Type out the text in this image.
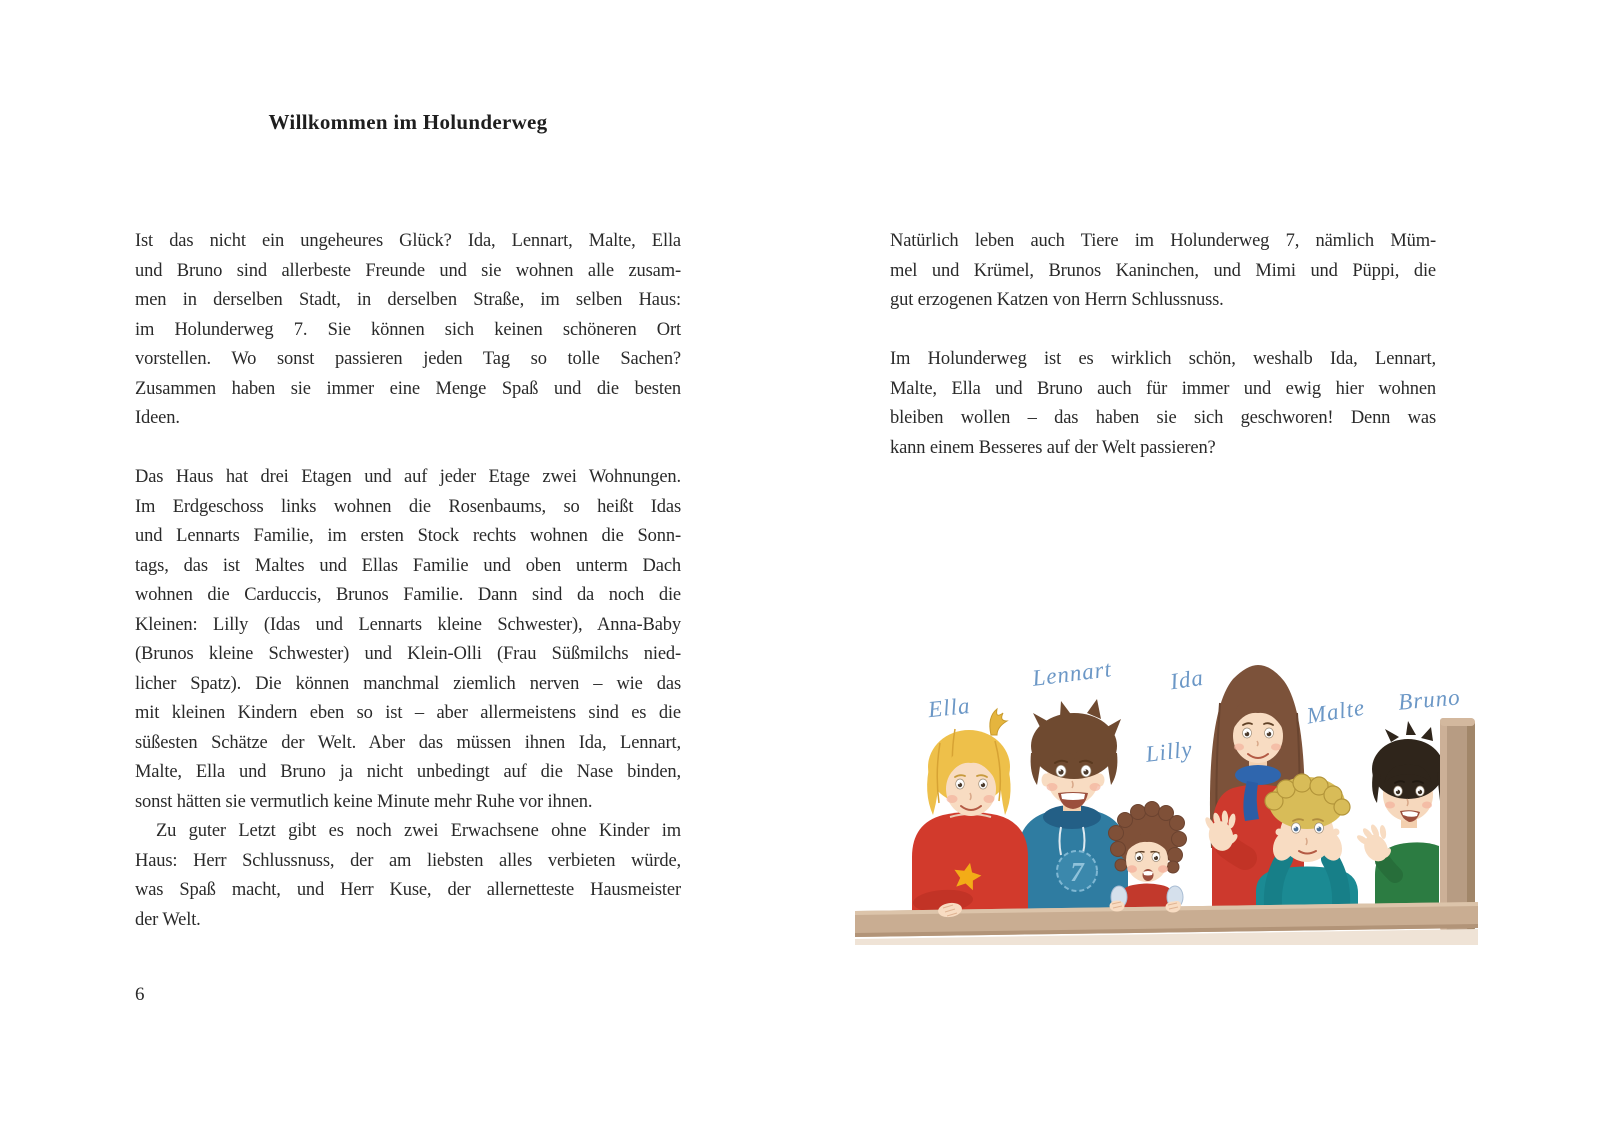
Willkommen im Holunderweg
Ist das nicht ein ungeheures Glück? Ida, Lennart, Malte, Ella
und Bruno sind allerbeste Freunde und sie wohnen alle zusam-
men in derselben Stadt, in derselben Straße, im selben Haus:
im Holunderweg 7. Sie können sich keinen schöneren Ort
vorstellen. Wo sonst passieren jeden Tag so tolle Sachen?
Zusammen haben sie immer eine Menge Spaß und die besten
Ideen.
Das Haus hat drei Etagen und auf jeder Etage zwei Wohnungen.
Im Erdgeschoss links wohnen die Rosenbaums, so heißt Idas
und Lennarts Familie, im ersten Stock rechts wohnen die Sonn-
tags, das ist Maltes und Ellas Familie und oben unterm Dach
wohnen die Carduccis, Brunos Familie. Dann sind da noch die
Kleinen: Lilly (Idas und Lennarts kleine Schwester), Anna-Baby
(Brunos kleine Schwester) und Klein-Olli (Frau Süßmilchs nied-
licher Spatz). Die können manchmal ziemlich nerven – wie das
mit kleinen Kindern eben so ist – aber allermeistens sind es die
süßesten Schätze der Welt. Aber das müssen ihnen Ida, Lennart,
Malte, Ella und Bruno ja nicht unbedingt auf die Nase binden,
sonst hätten sie vermutlich keine Minute mehr Ruhe vor ihnen.
Zu guter Letzt gibt es noch zwei Erwachsene ohne Kinder im
Haus: Herr Schlussnuss, der am liebsten alles verbieten würde,
was Spaß macht, und Herr Kuse, der allernetteste Hausmeister
der Welt.
6
Natürlich leben auch Tiere im Holunderweg 7, nämlich Müm-
mel und Krümel, Brunos Kaninchen, und Mimi und Püppi, die
gut erzogenen Katzen von Herrn Schlussnuss.
Im Holunderweg ist es wirklich schön, weshalb Ida, Lennart,
Malte, Ella und Bruno auch für immer und ewig hier wohnen
bleiben wollen – das haben sie sich geschworen! Denn was
kann einem Besseres auf der Welt passieren?
7
Ella
Lennart Ida
Lilly
Malte Bruno
